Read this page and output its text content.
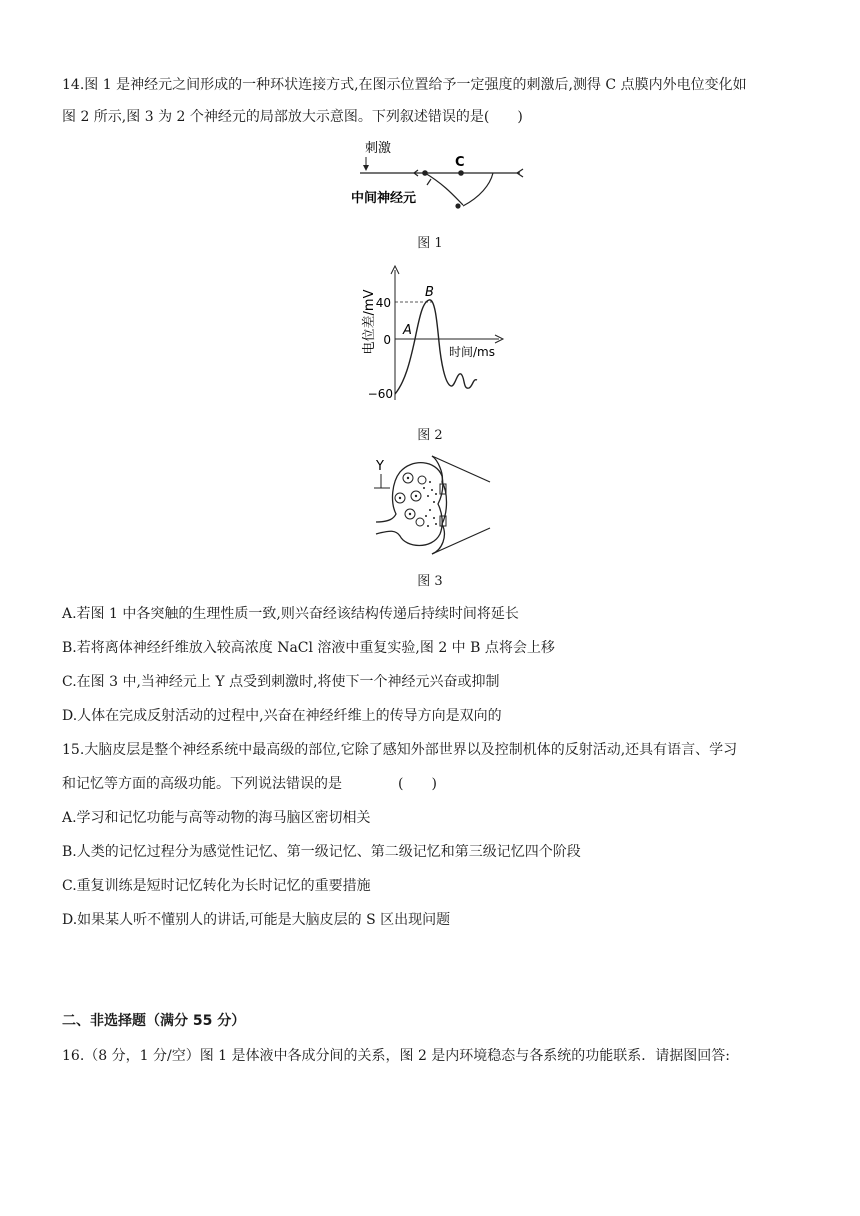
14.图 1 是神经元之间形成的一种环状连接方式,在图示位置给予一定强度的刺激后,测得 C 点膜内外电位变化如
图 2 所示,图 3 为 2 个神经元的局部放大示意图。下列叙述错误的是(　　)
刺激
C
中间神经元
图 1
电位差/mV
40
0
−60
时间/ms
A
B
图 2
Y
图 3
A.若图 1 中各突触的生理性质一致,则兴奋经该结构传递后持续时间将延长
B.若将离体神经纤维放入较高浓度 NaCl 溶液中重复实验,图 2 中 B 点将会上移
C.在图 3 中,当神经元上 Y 点受到刺激时,将使下一个神经元兴奋或抑制
D.人体在完成反射活动的过程中,兴奋在神经纤维上的传导方向是双向的
15.大脑皮层是整个神经系统中最高级的部位,它除了感知外部世界以及控制机体的反射活动,还具有语言、学习
和记忆等方面的高级功能。下列说法错误的是　　　　(　　)
A.学习和记忆功能与高等动物的海马脑区密切相关
B.人类的记忆过程分为感觉性记忆、第一级记忆、第二级记忆和第三级记忆四个阶段
C.重复训练是短时记忆转化为长时记忆的重要措施
D.如果某人听不懂别人的讲话,可能是大脑皮层的 S 区出现问题
二、非选择题（满分 55 分）
16.（8 分，1 分/空）图 1 是体液中各成分间的关系，图 2 是内环境稳态与各系统的功能联系．请据图回答:
